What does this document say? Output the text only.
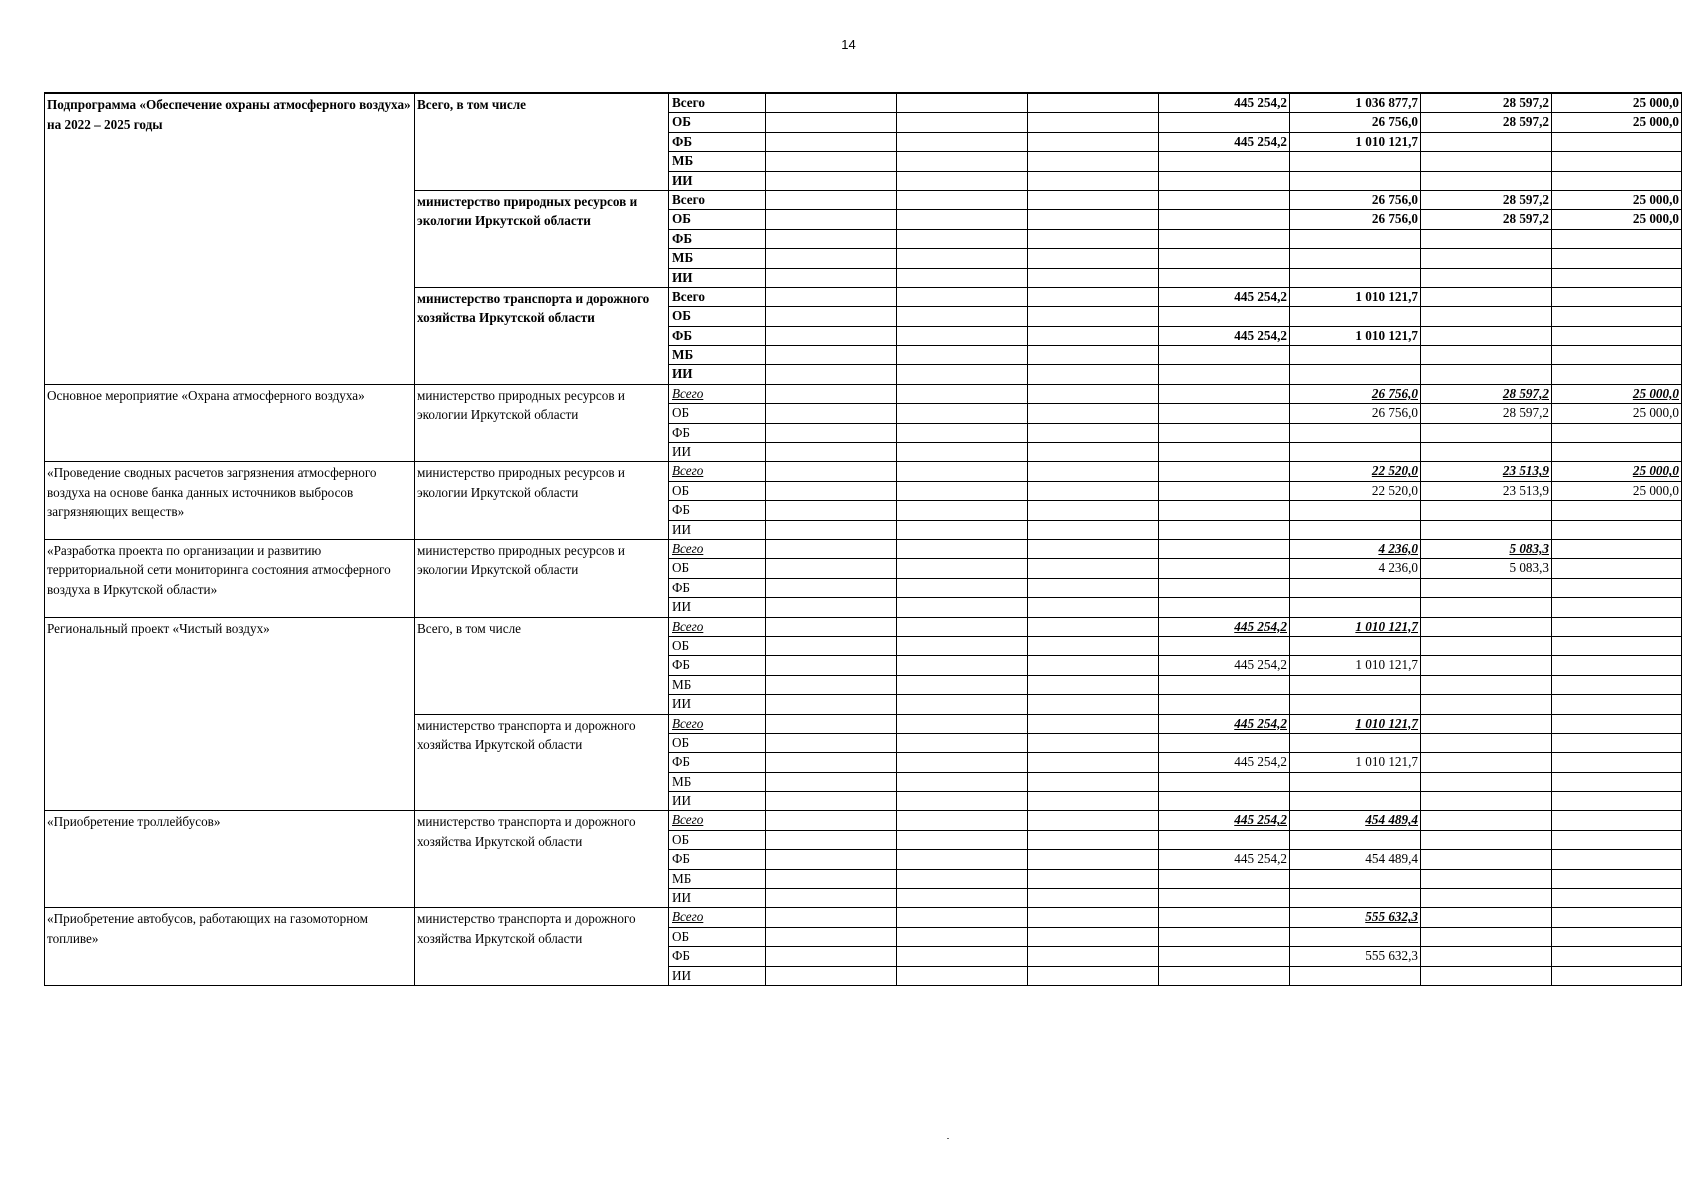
14
Подпрограмма «Обеспечение охраны атмосферного воздуха» на 2022 – 2025 годы	Всего, в том числе	Всего				445 254,2	1 036 877,7	28 597,2	25 000,0
		ОБ					26 756,0	28 597,2	25 000,0
		ФБ				445 254,2	1 010 121,7		
		МБ							
		ИИ							
	министерство природных ресурсов и экологии Иркутской области	Всего					26 756,0	28 597,2	25 000,0
		ОБ					26 756,0	28 597,2	25 000,0
		ФБ							
		МБ							
		ИИ							
	министерство транспорта и дорожного хозяйства Иркутской области	Всего				445 254,2	1 010 121,7		
		ОБ							
		ФБ				445 254,2	1 010 121,7		
		МБ							
		ИИ							
Основное мероприятие «Охрана атмосферного воздуха»	министерство природных ресурсов и экологии Иркутской области	Всего					26 756,0	28 597,2	25 000,0
		ОБ					26 756,0	28 597,2	25 000,0
		ФБ							
		ИИ							
«Проведение сводных расчетов загрязнения атмосферного воздуха на основе банка данных источников выбросов загрязняющих веществ»	министерство природных ресурсов и экологии Иркутской области	Всего					22 520,0	23 513,9	25 000,0
		ОБ					22 520,0	23 513,9	25 000,0
		ФБ							
		ИИ							
«Разработка проекта по организации и развитию территориальной сети мониторинга состояния атмосферного воздуха в Иркутской области»	министерство природных ресурсов и экологии Иркутской области	Всего					4 236,0	5 083,3	
		ОБ					4 236,0	5 083,3	
		ФБ							
		ИИ							
Региональный проект «Чистый воздух»	Всего, в том числе	Всего				445 254,2	1 010 121,7		
		ОБ							
		ФБ				445 254,2	1 010 121,7		
		МБ							
		ИИ							
	министерство транспорта и дорожного хозяйства Иркутской области	Всего				445 254,2	1 010 121,7		
		ОБ							
		ФБ				445 254,2	1 010 121,7		
		МБ							
		ИИ							
«Приобретение троллейбусов»	министерство транспорта и дорожного хозяйства Иркутской области	Всего				445 254,2	454 489,4		
		ОБ							
		ФБ				445 254,2	454 489,4		
		МБ							
		ИИ							
«Приобретение автобусов, работающих на газомоторном топливе»	министерство транспорта и дорожного хозяйства Иркутской области	Всего					555 632,3		
		ОБ							
		ФБ					555 632,3		
		ИИ							
